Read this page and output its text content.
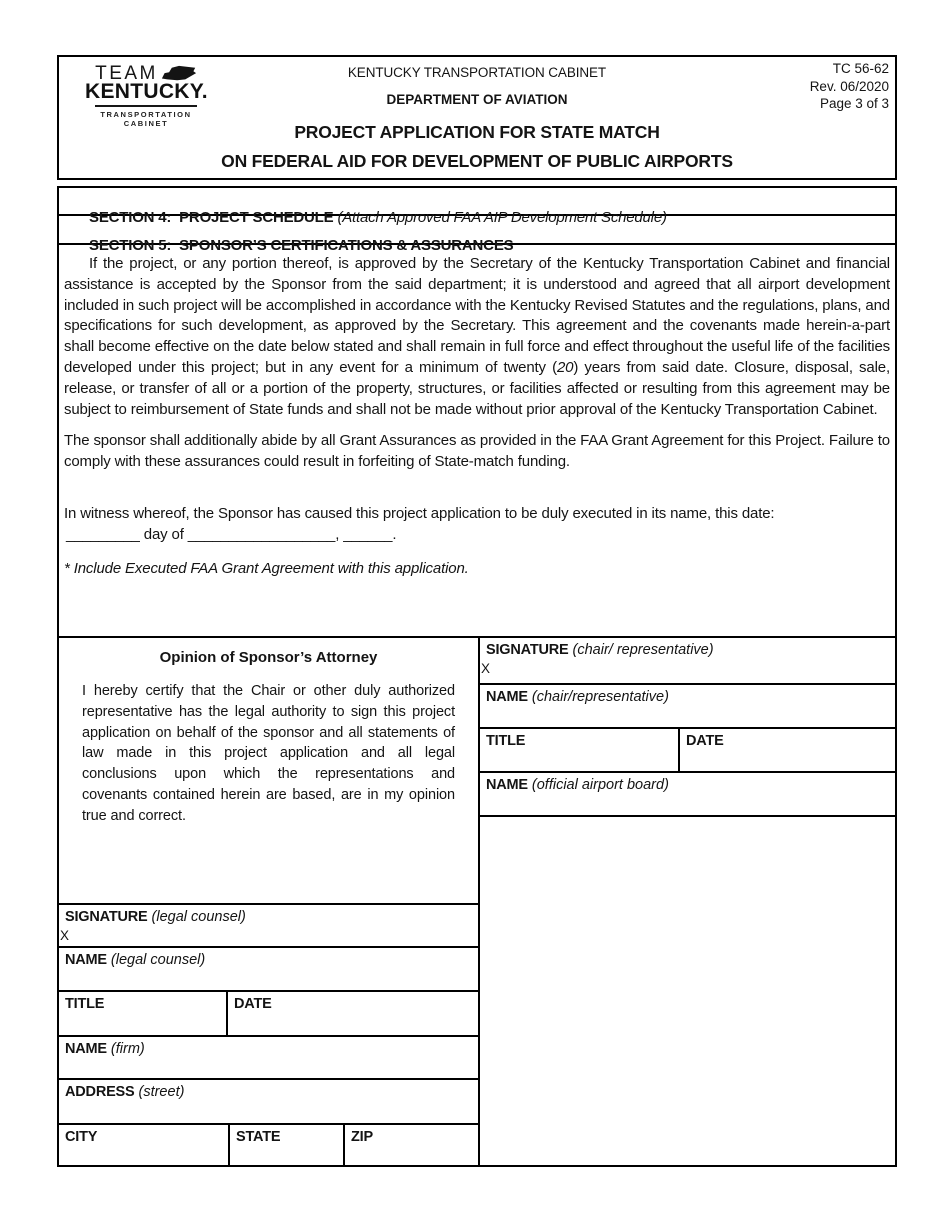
TEAM
KENTUCKY.
TRANSPORTATION
CABINET
KENTUCKY TRANSPORTATION CABINET
DEPARTMENT OF AVIATION
PROJECT APPLICATION FOR STATE MATCH
ON FEDERAL AID FOR DEVELOPMENT OF PUBLIC AIRPORTS
TC 56-62
Rev. 06/2020
Page 3 of 3

SECTION 4:  PROJECT SCHEDULE (Attach Approved FAA AIP Development Schedule)

SECTION 5:  SPONSOR’S CERTIFICATIONS & ASSURANCES

If the project, or any portion thereof, is approved by the Secretary of the Kentucky Transportation Cabinet and financial assistance is accepted by the Sponsor from the said department; it is understood and agreed that all airport development included in such project will be accomplished in accordance with the Kentucky Revised Statutes and the regulations, plans, and specifications for such development, as approved by the Secretary. This agreement and the covenants made herein-a-part shall become effective on the date below stated and shall remain in full force and effect throughout the useful life of the facilities developed under this project; but in any event for a minimum of twenty (20) years from said date. Closure, disposal, sale, release, or transfer of all or a portion of the property, structures, or facilities affected or resulting from this agreement may be subject to reimbursement of State funds and shall not be made without prior approval of the Kentucky Transportation Cabinet.

The sponsor shall additionally abide by all Grant Assurances as provided in the FAA Grant Agreement for this Project. Failure to comply with these assurances could result in forfeiting of State-match funding.

In witness whereof, the Sponsor has caused this project application to be duly executed in its name, this date:
_________ day of __________________, ______.

* Include Executed FAA Grant Agreement with this application.

Opinion of Sponsor’s Attorney
I hereby certify that the Chair or other duly authorized representative has the legal authority to sign this project application on behalf of the sponsor and all statements of law made in this project application and all legal conclusions upon which the representations and covenants contained herein are based, are in my opinion true and correct.
SIGNATURE (legal counsel)
X
NAME (legal counsel)
TITLE	DATE
NAME (firm)
ADDRESS (street)
CITY	STATE	ZIP
SIGNATURE (chair/ representative)
X
NAME (chair/representative)
TITLE	DATE
NAME (official airport board)
